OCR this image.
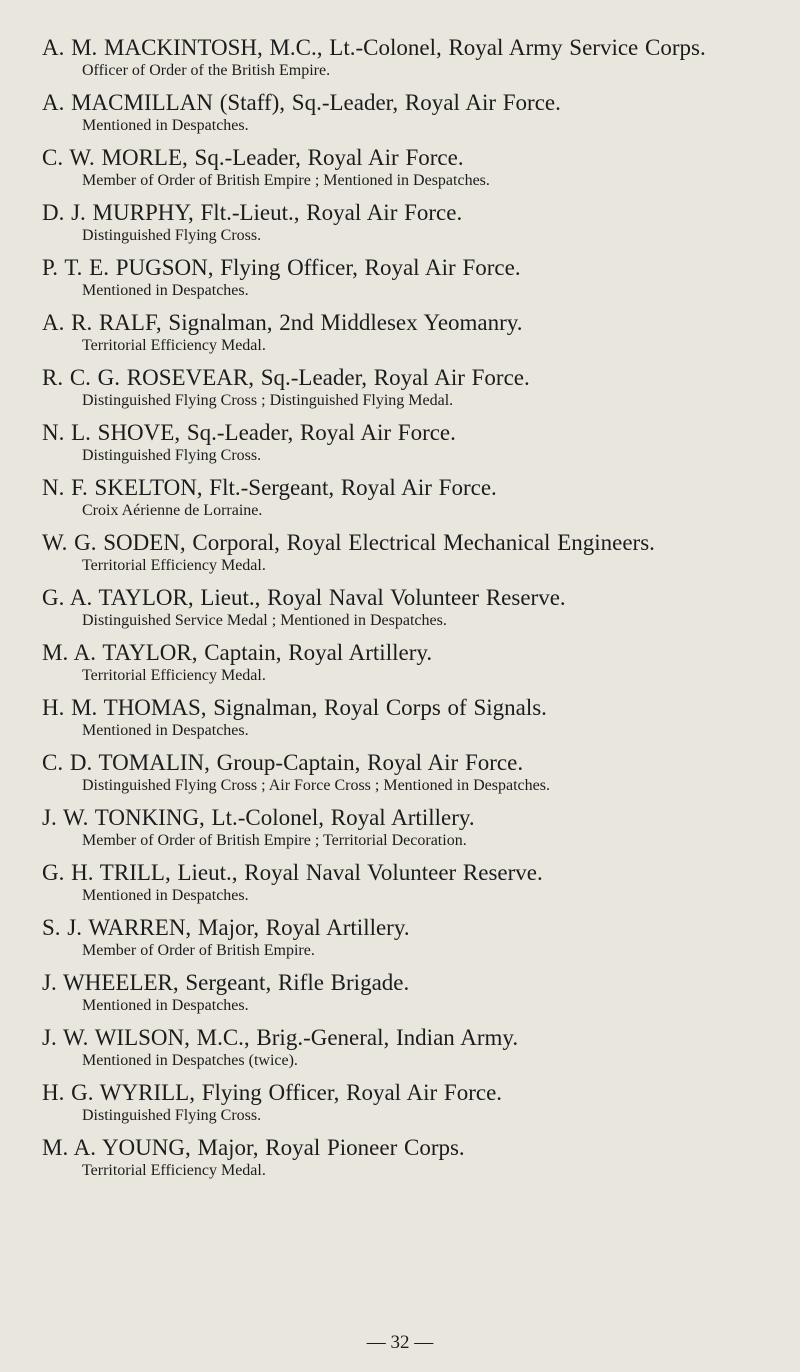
A. M. MACKINTOSH, M.C., Lt.-Colonel, Royal Army Service Corps.
Officer of Order of the British Empire.
A. MACMILLAN (Staff), Sq.-Leader, Royal Air Force.
Mentioned in Despatches.
C. W. MORLE, Sq.-Leader, Royal Air Force.
Member of Order of British Empire ; Mentioned in Despatches.
D. J. MURPHY, Flt.-Lieut., Royal Air Force.
Distinguished Flying Cross.
P. T. E. PUGSON, Flying Officer, Royal Air Force.
Mentioned in Despatches.
A. R. RALF, Signalman, 2nd Middlesex Yeomanry.
Territorial Efficiency Medal.
R. C. G. ROSEVEAR, Sq.-Leader, Royal Air Force.
Distinguished Flying Cross ; Distinguished Flying Medal.
N. L. SHOVE, Sq.-Leader, Royal Air Force.
Distinguished Flying Cross.
N. F. SKELTON, Flt.-Sergeant, Royal Air Force.
Croix Aérienne de Lorraine.
W. G. SODEN, Corporal, Royal Electrical Mechanical Engineers.
Territorial Efficiency Medal.
G. A. TAYLOR, Lieut., Royal Naval Volunteer Reserve.
Distinguished Service Medal ; Mentioned in Despatches.
M. A. TAYLOR, Captain, Royal Artillery.
Territorial Efficiency Medal.
H. M. THOMAS, Signalman, Royal Corps of Signals.
Mentioned in Despatches.
C. D. TOMALIN, Group-Captain, Royal Air Force.
Distinguished Flying Cross ; Air Force Cross ; Mentioned in Despatches.
J. W. TONKING, Lt.-Colonel, Royal Artillery.
Member of Order of British Empire ; Territorial Decoration.
G. H. TRILL, Lieut., Royal Naval Volunteer Reserve.
Mentioned in Despatches.
S. J. WARREN, Major, Royal Artillery.
Member of Order of British Empire.
J. WHEELER, Sergeant, Rifle Brigade.
Mentioned in Despatches.
J. W. WILSON, M.C., Brig.-General, Indian Army.
Mentioned in Despatches (twice).
H. G. WYRILL, Flying Officer, Royal Air Force.
Distinguished Flying Cross.
M. A. YOUNG, Major, Royal Pioneer Corps.
Territorial Efficiency Medal.
— 32 —
